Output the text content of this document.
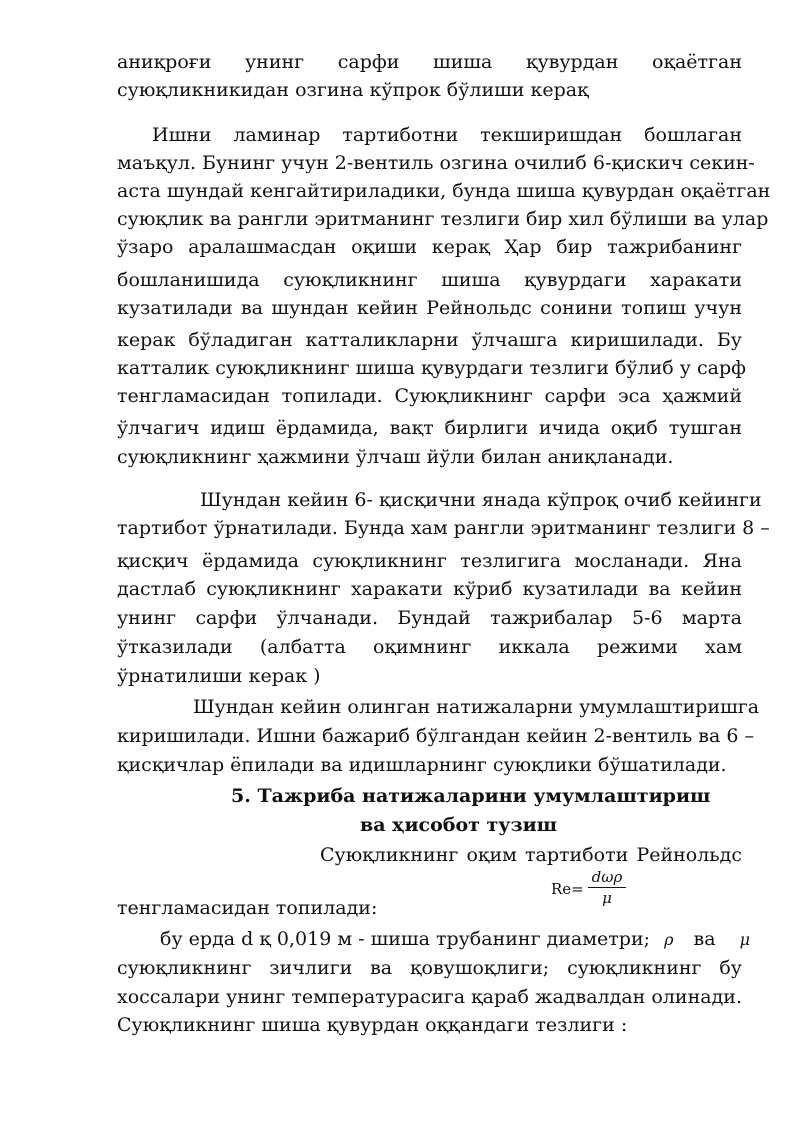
аниқроғи унинг сарфи шиша қувурдан оқаётган
суюқликникидан озгина кўпрок бўлиши керақ
Ишни ламинар тартиботни текширишдан бошлаган
маъқул. Бунинг учун 2-вентиль озгина очилиб 6-қискич секин-
аста шундай кенгайтириладики, бунда шиша қувурдан оқаётган
суюқлик ва рангли эритманинг тезлиги бир хил бўлиши ва улар
ўзаро аралашмасдан оқиши керақ Ҳар бир тажрибанинг
бошланишида суюқликнинг шиша қувурдаги харакати
кузатилади ва шундан кейин Рейнольдс сонини топиш учун
керак бўладиган катталикларни ўлчашга киришилади. Бу
катталик суюқликнинг шиша қувурдаги тезлиги бўлиб у сарф
тенгламасидан топилади. Суюқликнинг сарфи эса ҳажмий
ўлчагич идиш ёрдамида, вақт бирлиги ичида оқиб тушган
суюқликнинг ҳажмини ўлчаш йўли билан аниқланади.
Шундан кейин 6- қисқични янада кўпроқ очиб кейинги
тартибот ўрнатилади. Бунда хам рангли эритманинг тезлиги 8 –
қисқич ёрдамида суюқликнинг тезлигига мосланади. Яна
дастлаб суюқликнинг харакати кўриб кузатилади ва кейин
унинг сарфи ўлчанади. Бундай тажрибалар 5-6 марта
ўтказилади (албатта оқимнинг иккала режими хам
ўрнатилиши керак )
Шундан кейин олинган натижаларни умумлаштиришга
киришилади. Ишни бажариб бўлгандан кейин 2-вентиль ва 6 –
қисқичлар ёпилади ва идишларнинг суюқлики бўшатилади.
5. Тажриба натижаларини умумлаштириш
ва ҳисобот тузиш
Суюқликнинг оқим тартиботи Рейнольдс
Re=
dωρ
μ
тенгламасидан топилади:
бу ерда d қ 0,019 м - шиша трубанинг диаметри; ρ ва μ
суюқликнинг зичлиги ва қовушоқлиги; суюқликнинг бу
хоссалари унинг температурасига қараб жадвалдан олинади.
Суюқликнинг шиша қувурдан оққандаги тезлиги :
